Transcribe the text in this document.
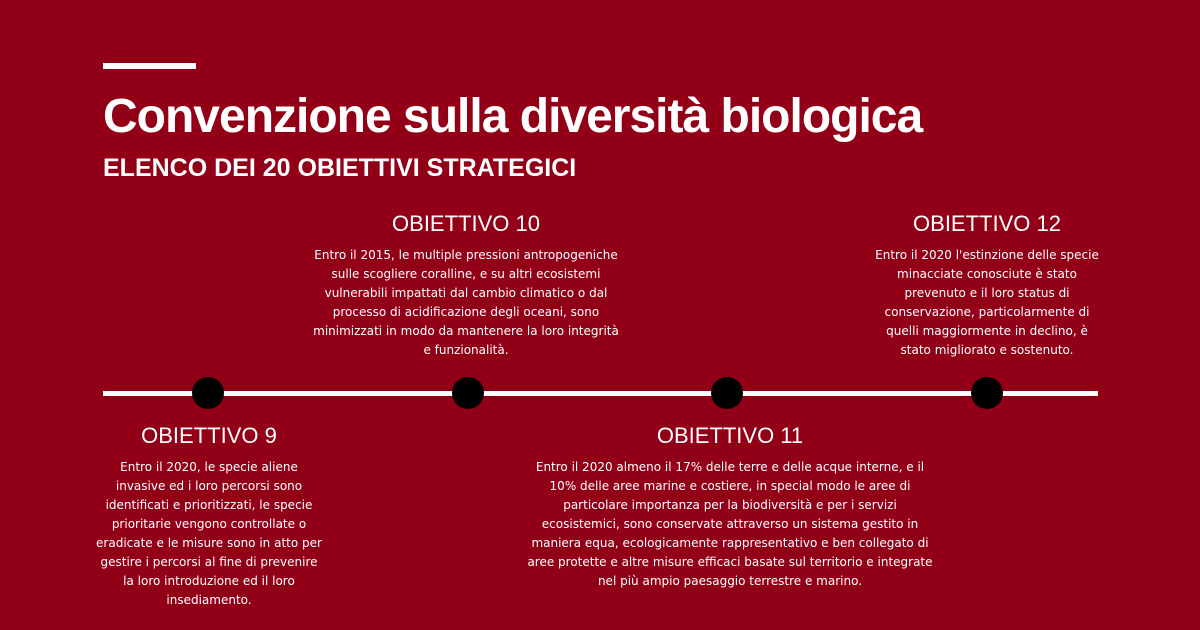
Convenzione sulla diversità biologica
ELENCO DEI 20 OBIETTIVI STRATEGICI

OBIETTIVO 10

Entro il 2015, le multiple pressioni antropogeniche sulle scogliere coralline, e su altri ecosistemi vulnerabili impattati dal cambio climatico o dal processo di acidificazione degli oceani, sono minimizzati in modo da mantenere la loro integrità e funzionalità.

OBIETTIVO 12

Entro il 2020 l'estinzione delle specie minacciate conosciute è stato prevenuto e il loro status di conservazione, particolarmente di quelli maggiormente in declino, è stato migliorato e sostenuto.

OBIETTIVO 9

Entro il 2020, le specie aliene invasive ed i loro percorsi sono identificati e prioritizzati, le specie prioritarie vengono controllate o eradicate e le misure sono in atto per gestire i percorsi al fine di prevenire la loro introduzione ed il loro insediamento.

OBIETTIVO 11

Entro il 2020 almeno il 17% delle terre e delle acque interne, e il 10% delle aree marine e costiere, in special modo le aree di particolare importanza per la biodiversità e per i servizi ecosistemici, sono conservate attraverso un sistema gestito in maniera equa, ecologicamente rappresentativo e ben collegato di aree protette e altre misure efficaci basate sul territorio e integrate nel più ampio paesaggio terrestre e marino.
